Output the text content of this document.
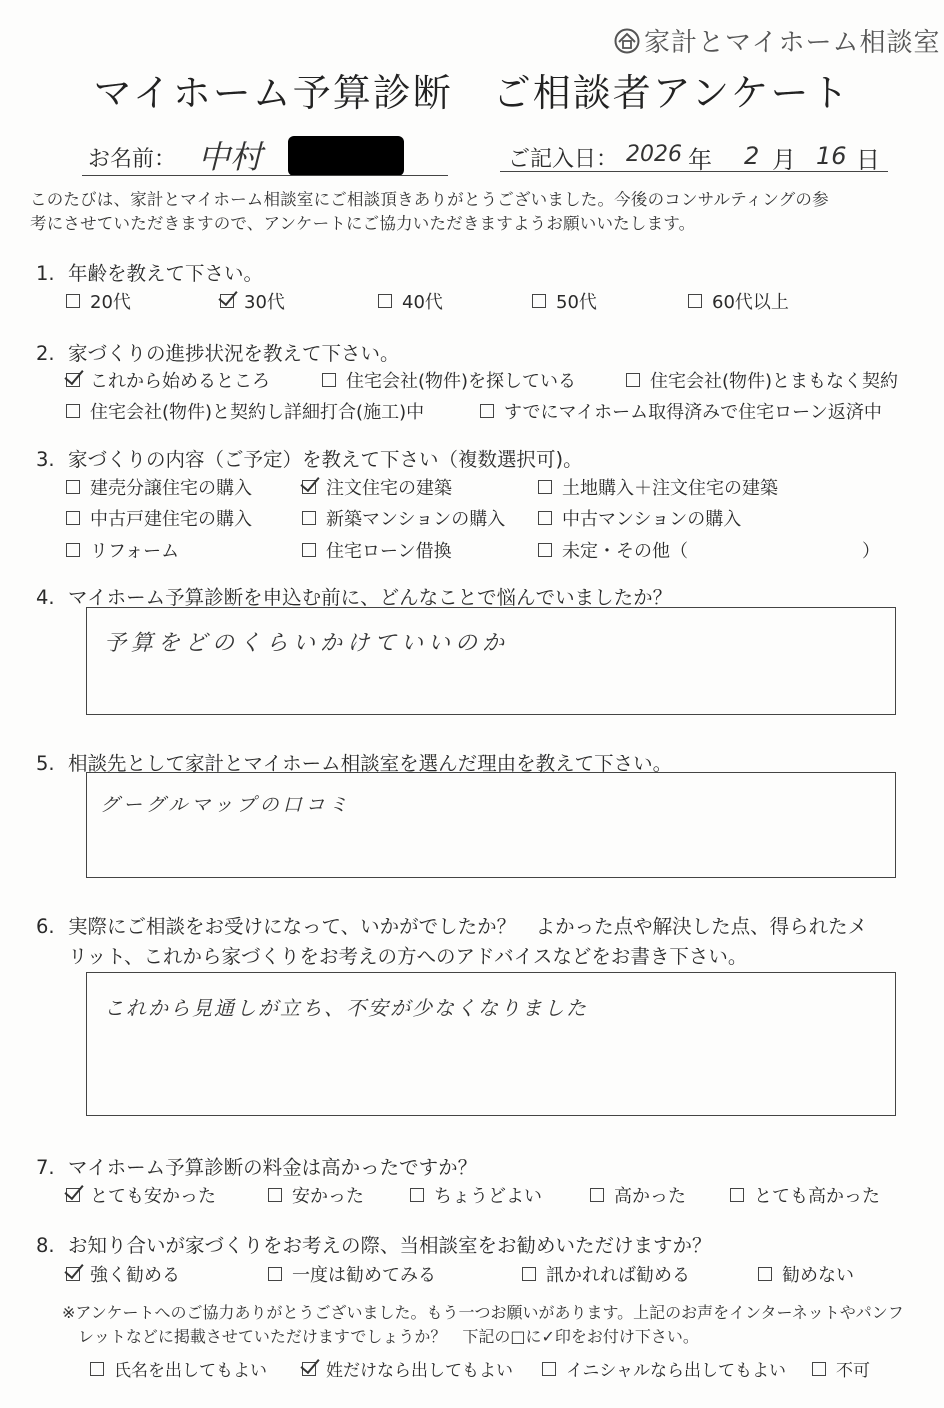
家計とマイホーム相談室
マイホーム予算診断 ご相談者アンケート
お名前： 中村	ご記入日： 2026 年 2 月 16 日
このたびは、家計とマイホーム相談室にご相談頂きありがとうございました。今後のコンサルティングの参
考にさせていただきますので、アンケートにご協力いただきますようお願いいたします。
1. 年齢を教えて下さい。
20代	30代	40代	50代	60代以上
2. 家づくりの進捗状況を教えて下さい。
これから始めるところ	住宅会社(物件)を探している	住宅会社(物件)とまもなく契約
住宅会社(物件)と契約し詳細打合(施工)中	すでにマイホーム取得済みで住宅ローン返済中
3. 家づくりの内容（ご予定）を教えて下さい（複数選択可)。
建売分譲住宅の購入	注文住宅の建築	土地購入＋注文住宅の建築
中古戸建住宅の購入	新築マンションの購入	中古マンションの購入
リフォーム	住宅ローン借換	未定・その他（	）
4. マイホーム予算診断を申込む前に、どんなことで悩んでいましたか？
予算をどのくらいかけていいのか
5. 相談先として家計とマイホーム相談室を選んだ理由を教えて下さい。
グーグルマップの口コミ
6. 実際にご相談をお受けになって、いかがでしたか？　よかった点や解決した点、得られたメ
リット、これから家づくりをお考えの方へのアドバイスなどをお書き下さい。
これから見通しが立ち、不安が少なくなりました
7. マイホーム予算診断の料金は高かったですか？
とても安かった	安かった	ちょうどよい	高かった	とても高かった
8. お知り合いが家づくりをお考えの際、当相談室をお勧めいただけますか？
強く勧める	一度は勧めてみる	訊かれれば勧める	勧めない
※アンケートへのご協力ありがとうございました。もう一つお願いがあります。上記のお声をインターネットやパンフ
レットなどに掲載させていただけますでしょうか？　下記の□に✓印をお付け下さい。
氏名を出してもよい	姓だけなら出してもよい	イニシャルなら出してもよい	不可
